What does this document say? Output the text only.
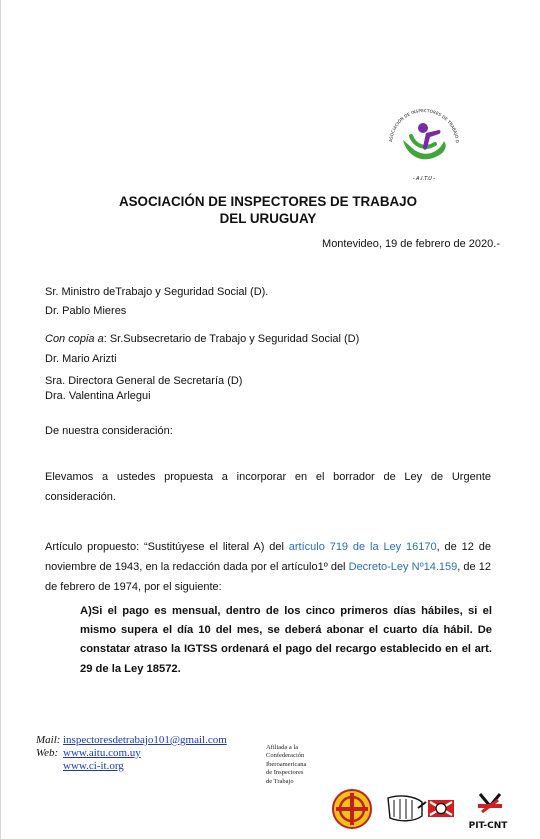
ASOCIACIÓN DE INSPECTORES DE TRABAJO D
- A.I.T.U -
ASOCIACIÓN DE INSPECTORES DE TRABAJO
DEL URUGUAY
Montevideo, 19 de febrero de 2020.-
Sr. Ministro deTrabajo y Seguridad Social (D).
Dr. Pablo Mieres
Con copia a: Sr.Subsecretario de Trabajo y Seguridad Social (D)
Dr. Mario Arizti
Sra. Directora General de Secretaría (D)
Dra. Valentina Arlegui
De nuestra consideración:
Elevamos a ustedes propuesta a incorporar en el borrador de Ley de Urgente consideración.
Artículo propuesto: “Sustitúyese el literal A) del artículo 719 de la Ley 16170, de 12 de noviembre de 1943, en la redacción dada por el artículo1º del Decreto-Ley Nº14.159, de 12 de febrero de 1974, por el siguiente:
A)Si el pago es mensual, dentro de los cinco primeros días hábiles, si el mismo supera el día 10 del mes, se deberá abonar el cuarto día hábil. De constatar atraso la IGTSS ordenará el pago del recargo establecido en el art. 29 de la Ley 18572.
Mail: inspectoresdetrabajo101@gmail.com
Web: www.aitu.com.uy
www.ci-it.org
Afiliada a la
Confederación
Iberoamericana
de Inspectores
de Trabajo
PIT-CNT
